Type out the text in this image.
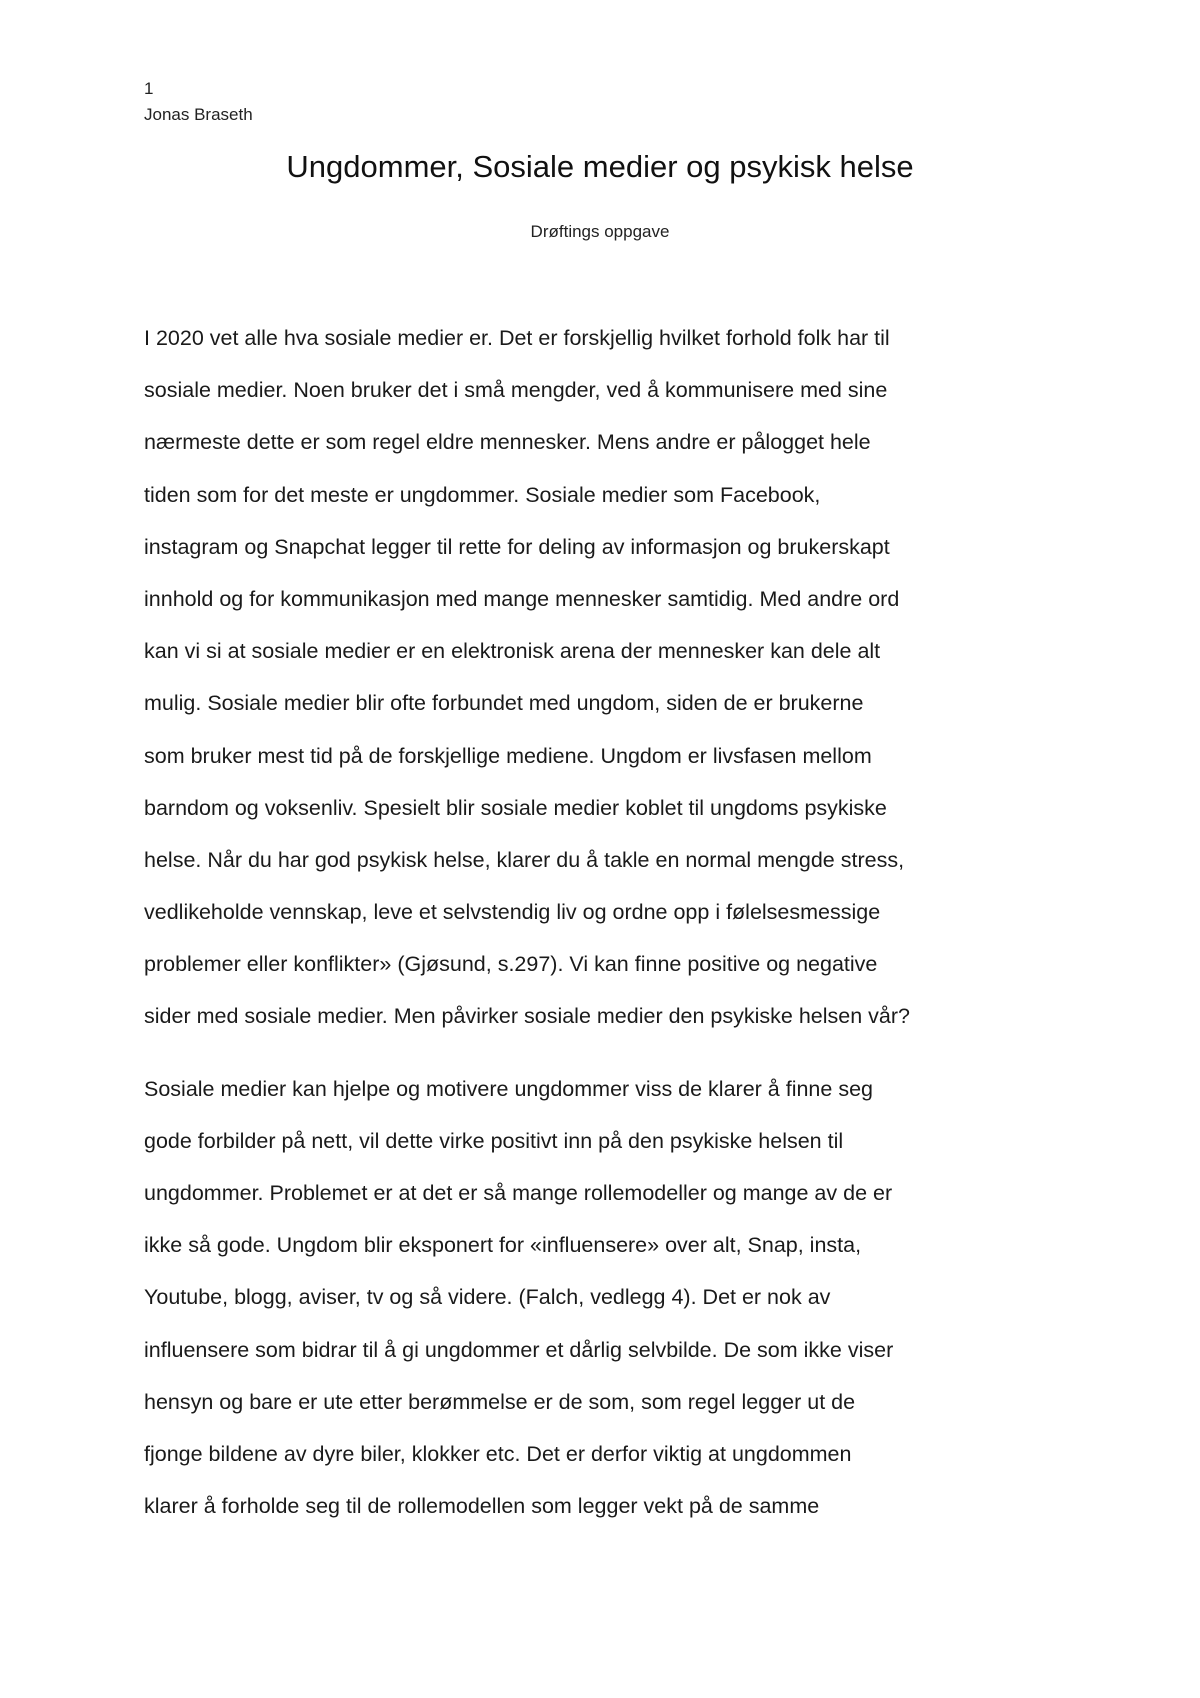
1
Jonas Braseth
Ungdommer, Sosiale medier og psykisk helse
Drøftings oppgave
I 2020 vet alle hva sosiale medier er. Det er forskjellig hvilket forhold folk har til
sosiale medier. Noen bruker det i små mengder, ved å kommunisere med sine
nærmeste dette er som regel eldre mennesker. Mens andre er pålogget hele
tiden som for det meste er ungdommer. Sosiale medier som Facebook,
instagram og Snapchat legger til rette for deling av informasjon og brukerskapt
innhold og for kommunikasjon med mange mennesker samtidig. Med andre ord
kan vi si at sosiale medier er en elektronisk arena der mennesker kan dele alt
mulig. Sosiale medier blir ofte forbundet med ungdom, siden de er brukerne
som bruker mest tid på de forskjellige mediene. Ungdom er livsfasen mellom
barndom og voksenliv. Spesielt blir sosiale medier koblet til ungdoms psykiske
helse. Når du har god psykisk helse, klarer du å takle en normal mengde stress,
vedlikeholde vennskap, leve et selvstendig liv og ordne opp i følelsesmessige
problemer eller konflikter» (Gjøsund, s.297). Vi kan finne positive og negative
sider med sosiale medier. Men påvirker sosiale medier den psykiske helsen vår?
Sosiale medier kan hjelpe og motivere ungdommer viss de klarer å finne seg
gode forbilder på nett, vil dette virke positivt inn på den psykiske helsen til
ungdommer. Problemet er at det er så mange rollemodeller og mange av de er
ikke så gode. Ungdom blir eksponert for «influensere» over alt, Snap, insta,
Youtube, blogg, aviser, tv og så videre. (Falch, vedlegg 4). Det er nok av
influensere som bidrar til å gi ungdommer et dårlig selvbilde. De som ikke viser
hensyn og bare er ute etter berømmelse er de som, som regel legger ut de
fjonge bildene av dyre biler, klokker etc. Det er derfor viktig at ungdommen
klarer å forholde seg til de rollemodellen som legger vekt på de samme
